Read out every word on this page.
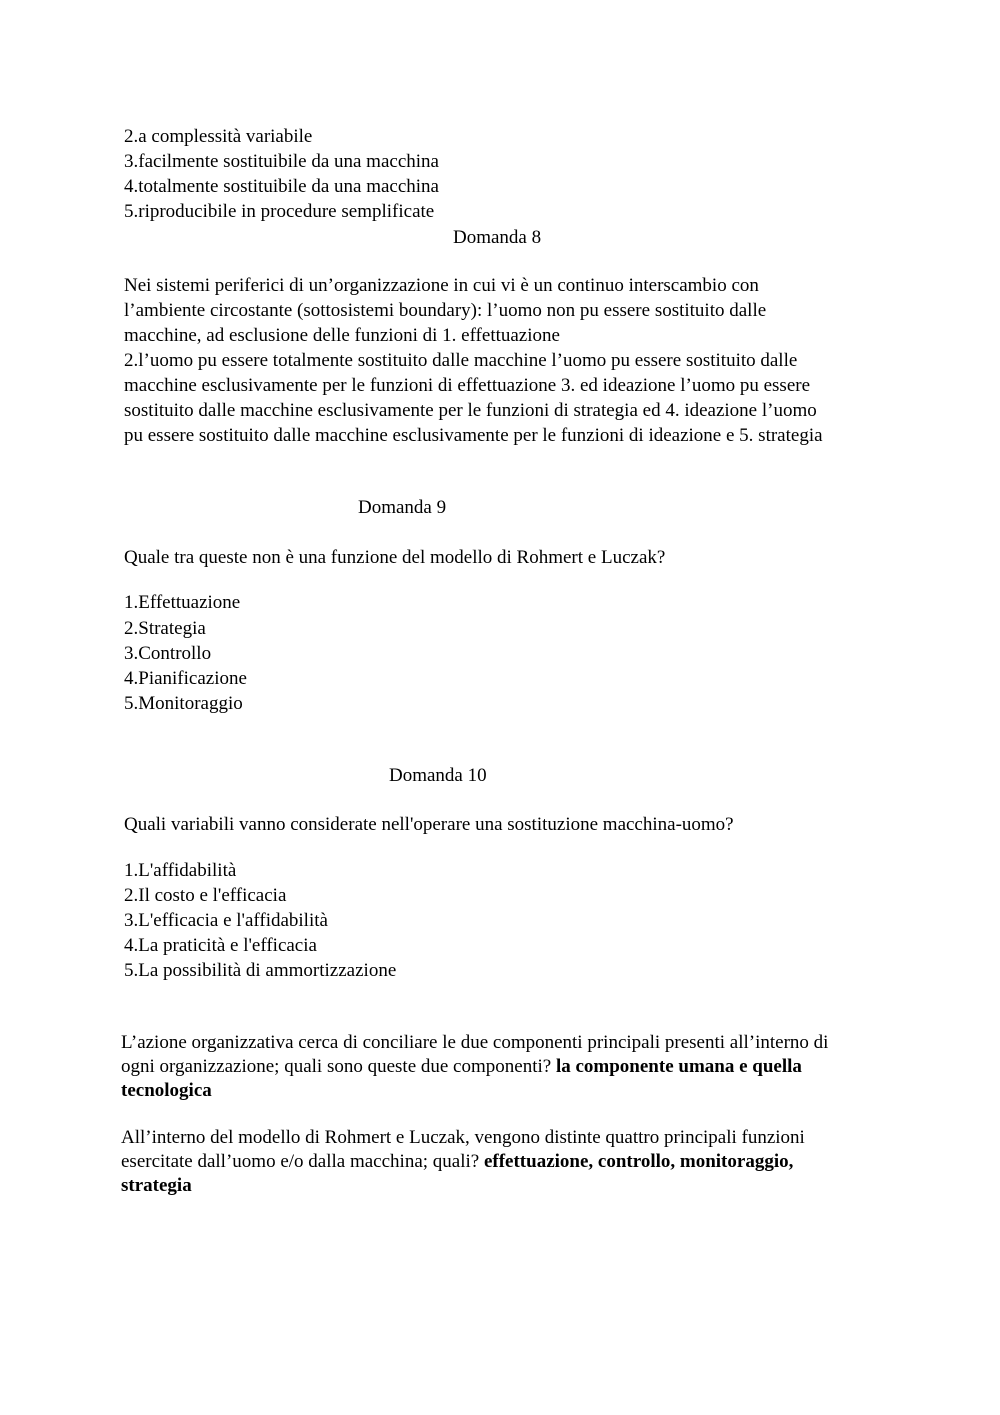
2.a complessità variabile

3.facilmente sostituibile da una macchina

4.totalmente sostituibile da una macchina

5.riproducibile in procedure semplificate

Domanda 8

Nei sistemi periferici di un’organizzazione in cui vi è un continuo interscambio con

l’ambiente circostante (sottosistemi boundary): l’uomo non pu essere sostituito dalle

macchine, ad esclusione delle funzioni di 1. effettuazione

2.l’uomo pu essere totalmente sostituito dalle macchine l’uomo pu essere sostituito dalle

macchine esclusivamente per le funzioni di effettuazione 3. ed ideazione l’uomo pu essere

sostituito dalle macchine esclusivamente per le funzioni di strategia ed 4. ideazione l’uomo

pu essere sostituito dalle macchine esclusivamente per le funzioni di ideazione e 5. strategia

Domanda 9

Quale tra queste non è una funzione del modello di Rohmert e Luczak?

1.Effettuazione

2.Strategia

3.Controllo

4.Pianificazione

5.Monitoraggio

Domanda 10

Quali variabili vanno considerate nell'operare una sostituzione macchina-uomo?

1.L'affidabilità

2.Il costo e l'efficacia

3.L'efficacia e l'affidabilità

4.La praticità e l'efficacia

5.La possibilità di ammortizzazione

L’azione organizzativa cerca di conciliare le due componenti principali presenti all’interno di

ogni organizzazione; quali sono queste due componenti? la componente umana e quella

tecnologica

All’interno del modello di Rohmert e Luczak, vengono distinte quattro principali funzioni

esercitate dall’uomo e/o dalla macchina; quali? effettuazione, controllo, monitoraggio,

strategia
